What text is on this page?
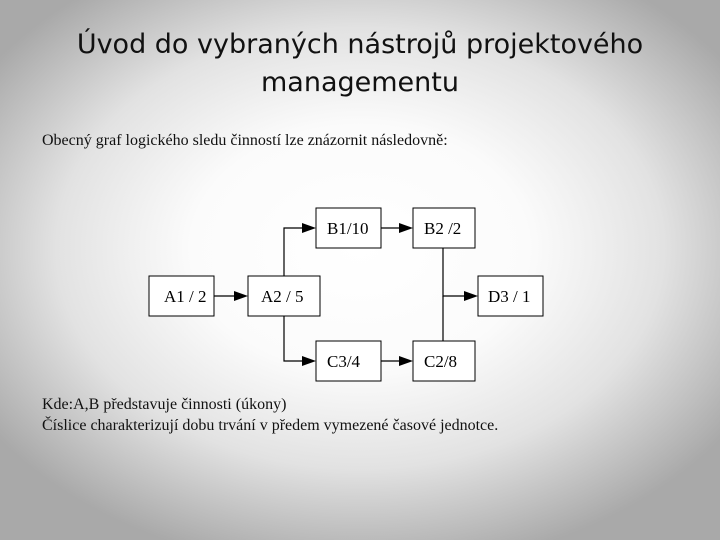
Úvod do vybraných nástrojů projektového managementu
Obecný graf logického sledu činností lze znázornit následovně:
A1 / 2	A2 / 5
B1/10	B2 /2
C3/4	C2/8
D3 / 1
Kde:A,B představuje činnosti (úkony)
Číslice charakterizují dobu trvání v předem vymezené časové jednotce.
